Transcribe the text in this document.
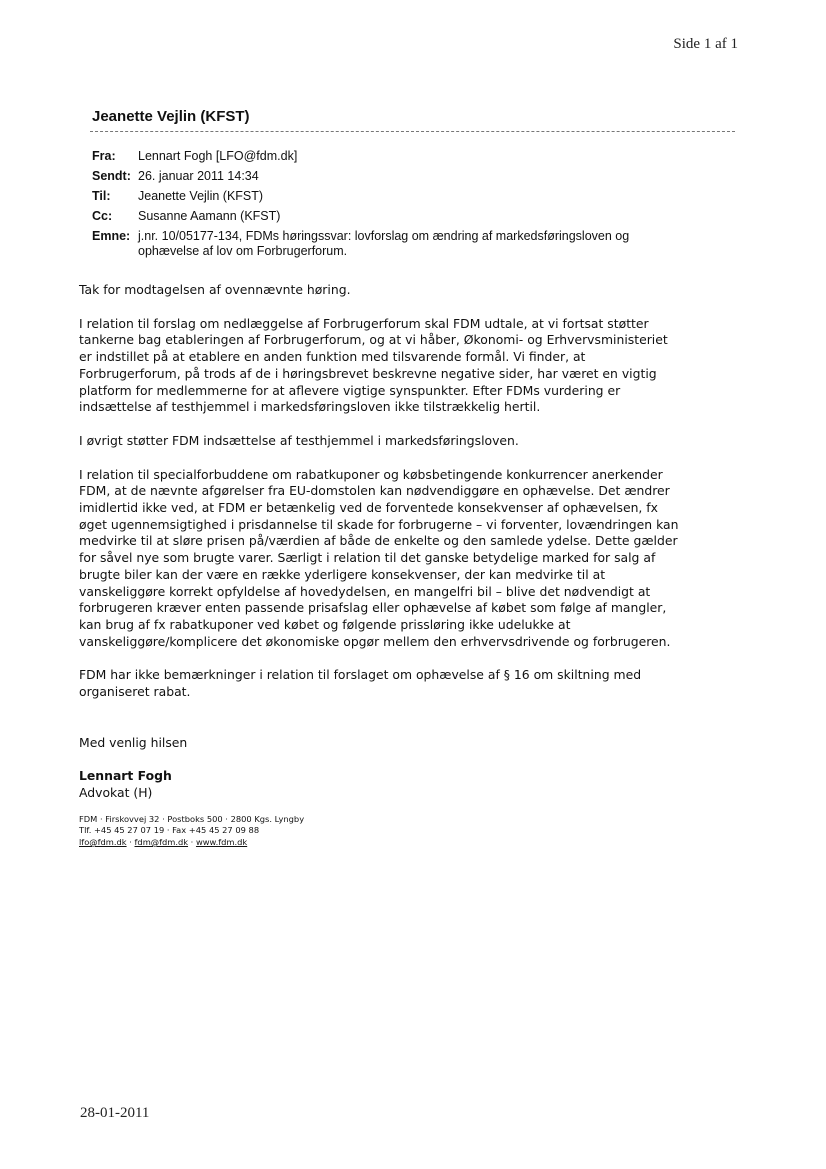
Side 1 af 1
Jeanette Vejlin (KFST)
Fra:	Lennart Fogh [LFO@fdm.dk]
Sendt: 26. januar 2011 14:34
Til:	Jeanette Vejlin (KFST)
Cc:	Susanne Aamann (KFST)
Emne: j.nr. 10/05177-134, FDMs høringssvar: lovforslag om ændring af markedsføringsloven og
ophævelse af lov om Forbrugerforum.

Tak for modtagelsen af ovennævnte høring.

I relation til forslag om nedlæggelse af Forbrugerforum skal FDM udtale, at vi fortsat støtter
tankerne bag etableringen af Forbrugerforum, og at vi håber, Økonomi- og Erhvervsministeriet
er indstillet på at etablere en anden funktion med tilsvarende formål. Vi finder, at
Forbrugerforum, på trods af de i høringsbrevet beskrevne negative sider, har været en vigtig
platform for medlemmerne for at aflevere vigtige synspunkter. Efter FDMs vurdering er
indsættelse af testhjemmel i markedsføringsloven ikke tilstrækkelig hertil.

I øvrigt støtter FDM indsættelse af testhjemmel i markedsføringsloven.

I relation til specialforbuddene om rabatkuponer og købsbetingende konkurrencer anerkender
FDM, at de nævnte afgørelser fra EU-domstolen kan nødvendiggøre en ophævelse. Det ændrer
imidlertid ikke ved, at FDM er betænkelig ved de forventede konsekvenser af ophævelsen, fx
øget ugennemsigtighed i prisdannelse til skade for forbrugerne – vi forventer, lovændringen kan
medvirke til at sløre prisen på/værdien af både de enkelte og den samlede ydelse. Dette gælder
for såvel nye som brugte varer. Særligt i relation til det ganske betydelige marked for salg af
brugte biler kan der være en række yderligere konsekvenser, der kan medvirke til at
vanskeliggøre korrekt opfyldelse af hovedydelsen, en mangelfri bil – blive det nødvendigt at
forbrugeren kræver enten passende prisafslag eller ophævelse af købet som følge af mangler,
kan brug af fx rabatkuponer ved købet og følgende prissløring ikke udelukke at
vanskeliggøre/komplicere det økonomiske opgør mellem den erhvervsdrivende og forbrugeren.

FDM har ikke bemærkninger i relation til forslaget om ophævelse af § 16 om skiltning med
organiseret rabat.

Med venlig hilsen

Lennart Fogh
Advokat (H)
FDM · Firskovvej 32 · Postboks 500 · 2800 Kgs. Lyngby
Tlf. +45 45 27 07 19 · Fax +45 45 27 09 88
lfo@fdm.dk · fdm@fdm.dk · www.fdm.dk
28-01-2011
